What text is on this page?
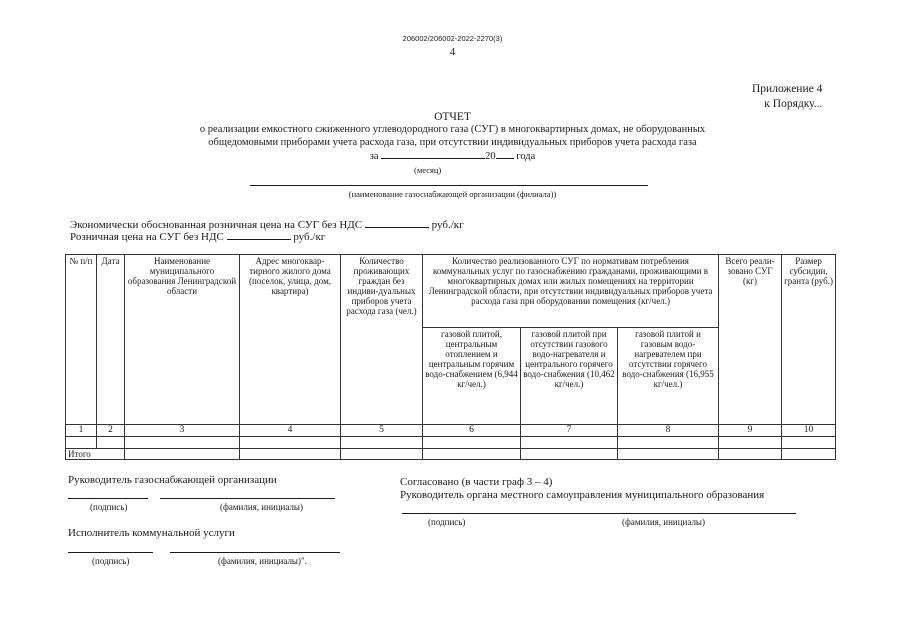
206002/206002-2022-2270(3)
4
Приложение 4
к Порядку...
ОТЧЕТ
о реализации емкостного сжиженного углеводородного газа (СУГ) в многоквартирных домах, не оборудованных
общедомовыми приборами учета расхода газа, при отсутствии индивидуальных приборов учета расхода газа
за	20 года
(месяц)
(наименование газоснабжающей организации (филиала))
Экономически обоснованная розничная цена на СУГ без НДС	руб./кг
Розничная цена на СУГ без НДС	руб./кг
№ п/п	Дата	Наименование муниципального образования Ленинградской области	Адрес многоквар-тирного жилого дома (поселок, улица, дом, квартира)	Количество проживающих граждан без индиви-дуальных приборов учета расхода газа (чел.)	Количество реализованного СУГ по нормативам потребления коммунальных услуг по газоснабжению гражданами, проживающими в многоквартирных домах или жилых помещениях на территории Ленинградской области, при отсутствии индивидуальных приборов учета расхода газа при оборудовании помещения (кг/чел.)			Всего реали-зовано СУГ (кг)	Размер субсидии, гранта (руб.)
					газовой плитой, центральным отоплением и центральным горячим водо-снабжением (6,944 кг/чел.)	газовой плитой при отсутствии газового водо-нагревателя и центрального горячего водо-снабжения (10,462 кг/чел.)	газовой плитой и газовым водо-нагревателем при отсутствии горячего водо-снабжения (16,955 кг/чел.)		
1	2	3	4	5	6	7	8	9	10

Итого									
Руководитель газоснабжающей организации
(подпись)	(фамилия, инициалы)
Исполнитель коммунальной услуги
(подпись)	(фамилия, инициалы)".
Согласовано (в части граф 3 – 4)
Руководитель органа местного самоуправления муниципального образования
(подпись)	(фамилия, инициалы)
